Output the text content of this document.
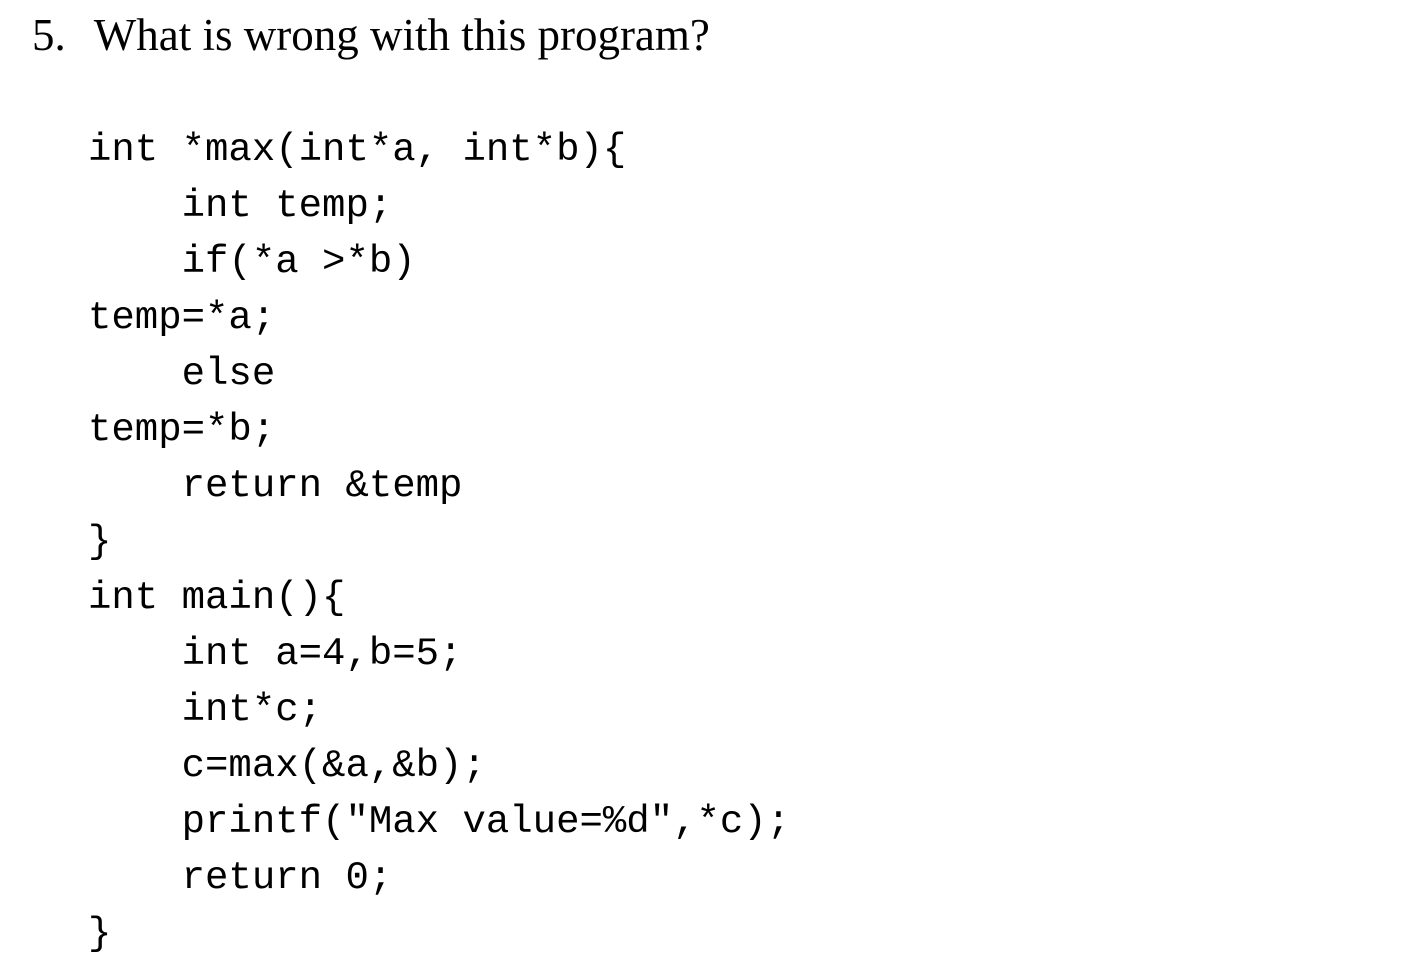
5. What is wrong with this program?
int *max(int*a, int*b){
int temp;
if(*a >*b)
temp=*a;
else
temp=*b;
return &temp
}
int main(){
int a=4,b=5;
int*c;
c=max(&a,&b);
printf("Max value=%d",*c);
return 0;
}
